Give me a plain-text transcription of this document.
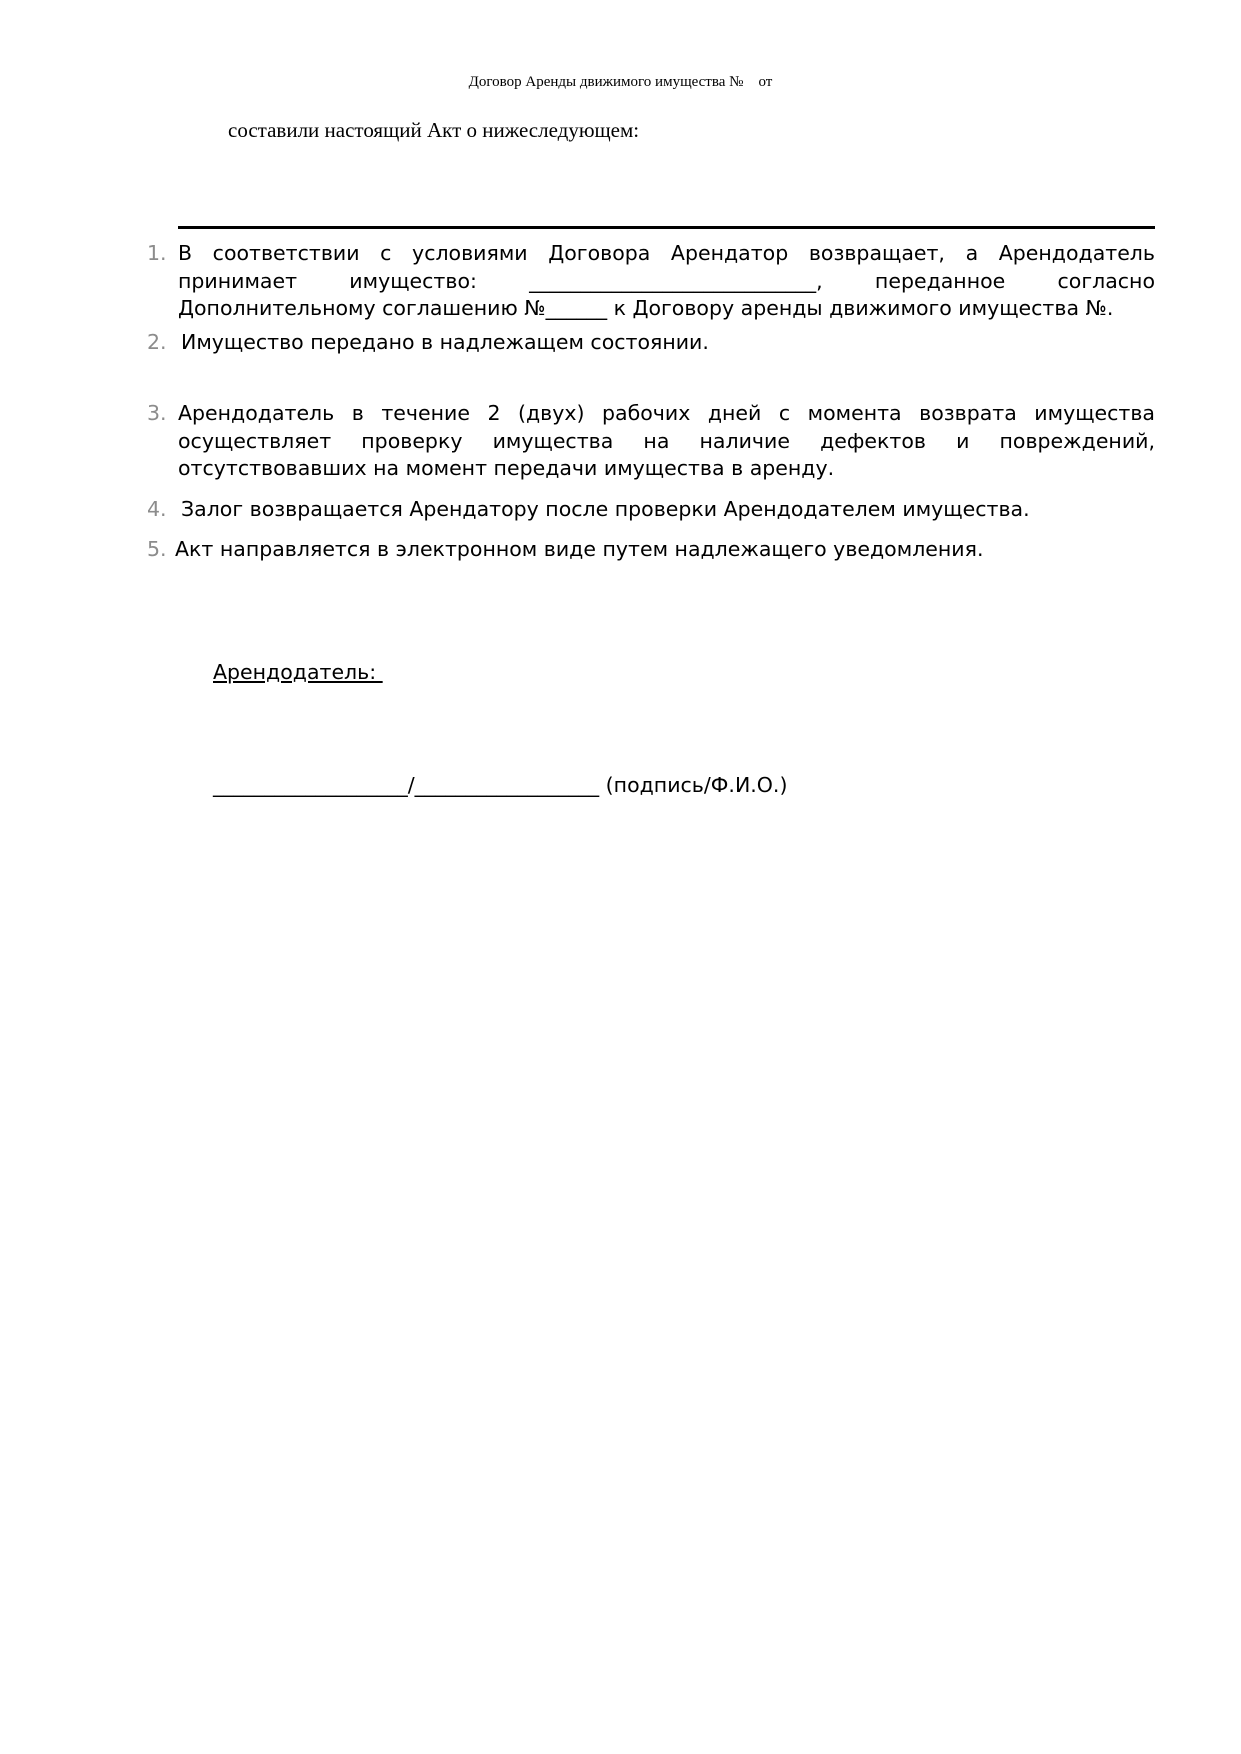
Договор Аренды движимого имущества №    от
составили настоящий Акт о нижеследующем:
1. В соответствии с условиями Договора Арендатор возвращает, а Арендодатель принимает имущество: ____________________________, переданное согласно Дополнительному соглашению №______ к Договору аренды движимого имущества №.
2. Имущество передано в надлежащем состоянии.
3. Арендодатель в течение 2 (двух) рабочих дней с момента возврата имущества осуществляет проверку имущества на наличие дефектов и повреждений, отсутствовавших на момент передачи имущества в аренду.
4. Залог возвращается Арендатору после проверки Арендодателем имущества.
5. Акт направляется в электронном виде путем надлежащего уведомления.
Арендодатель:
___________________/__________________ (подпись/Ф.И.О.)
